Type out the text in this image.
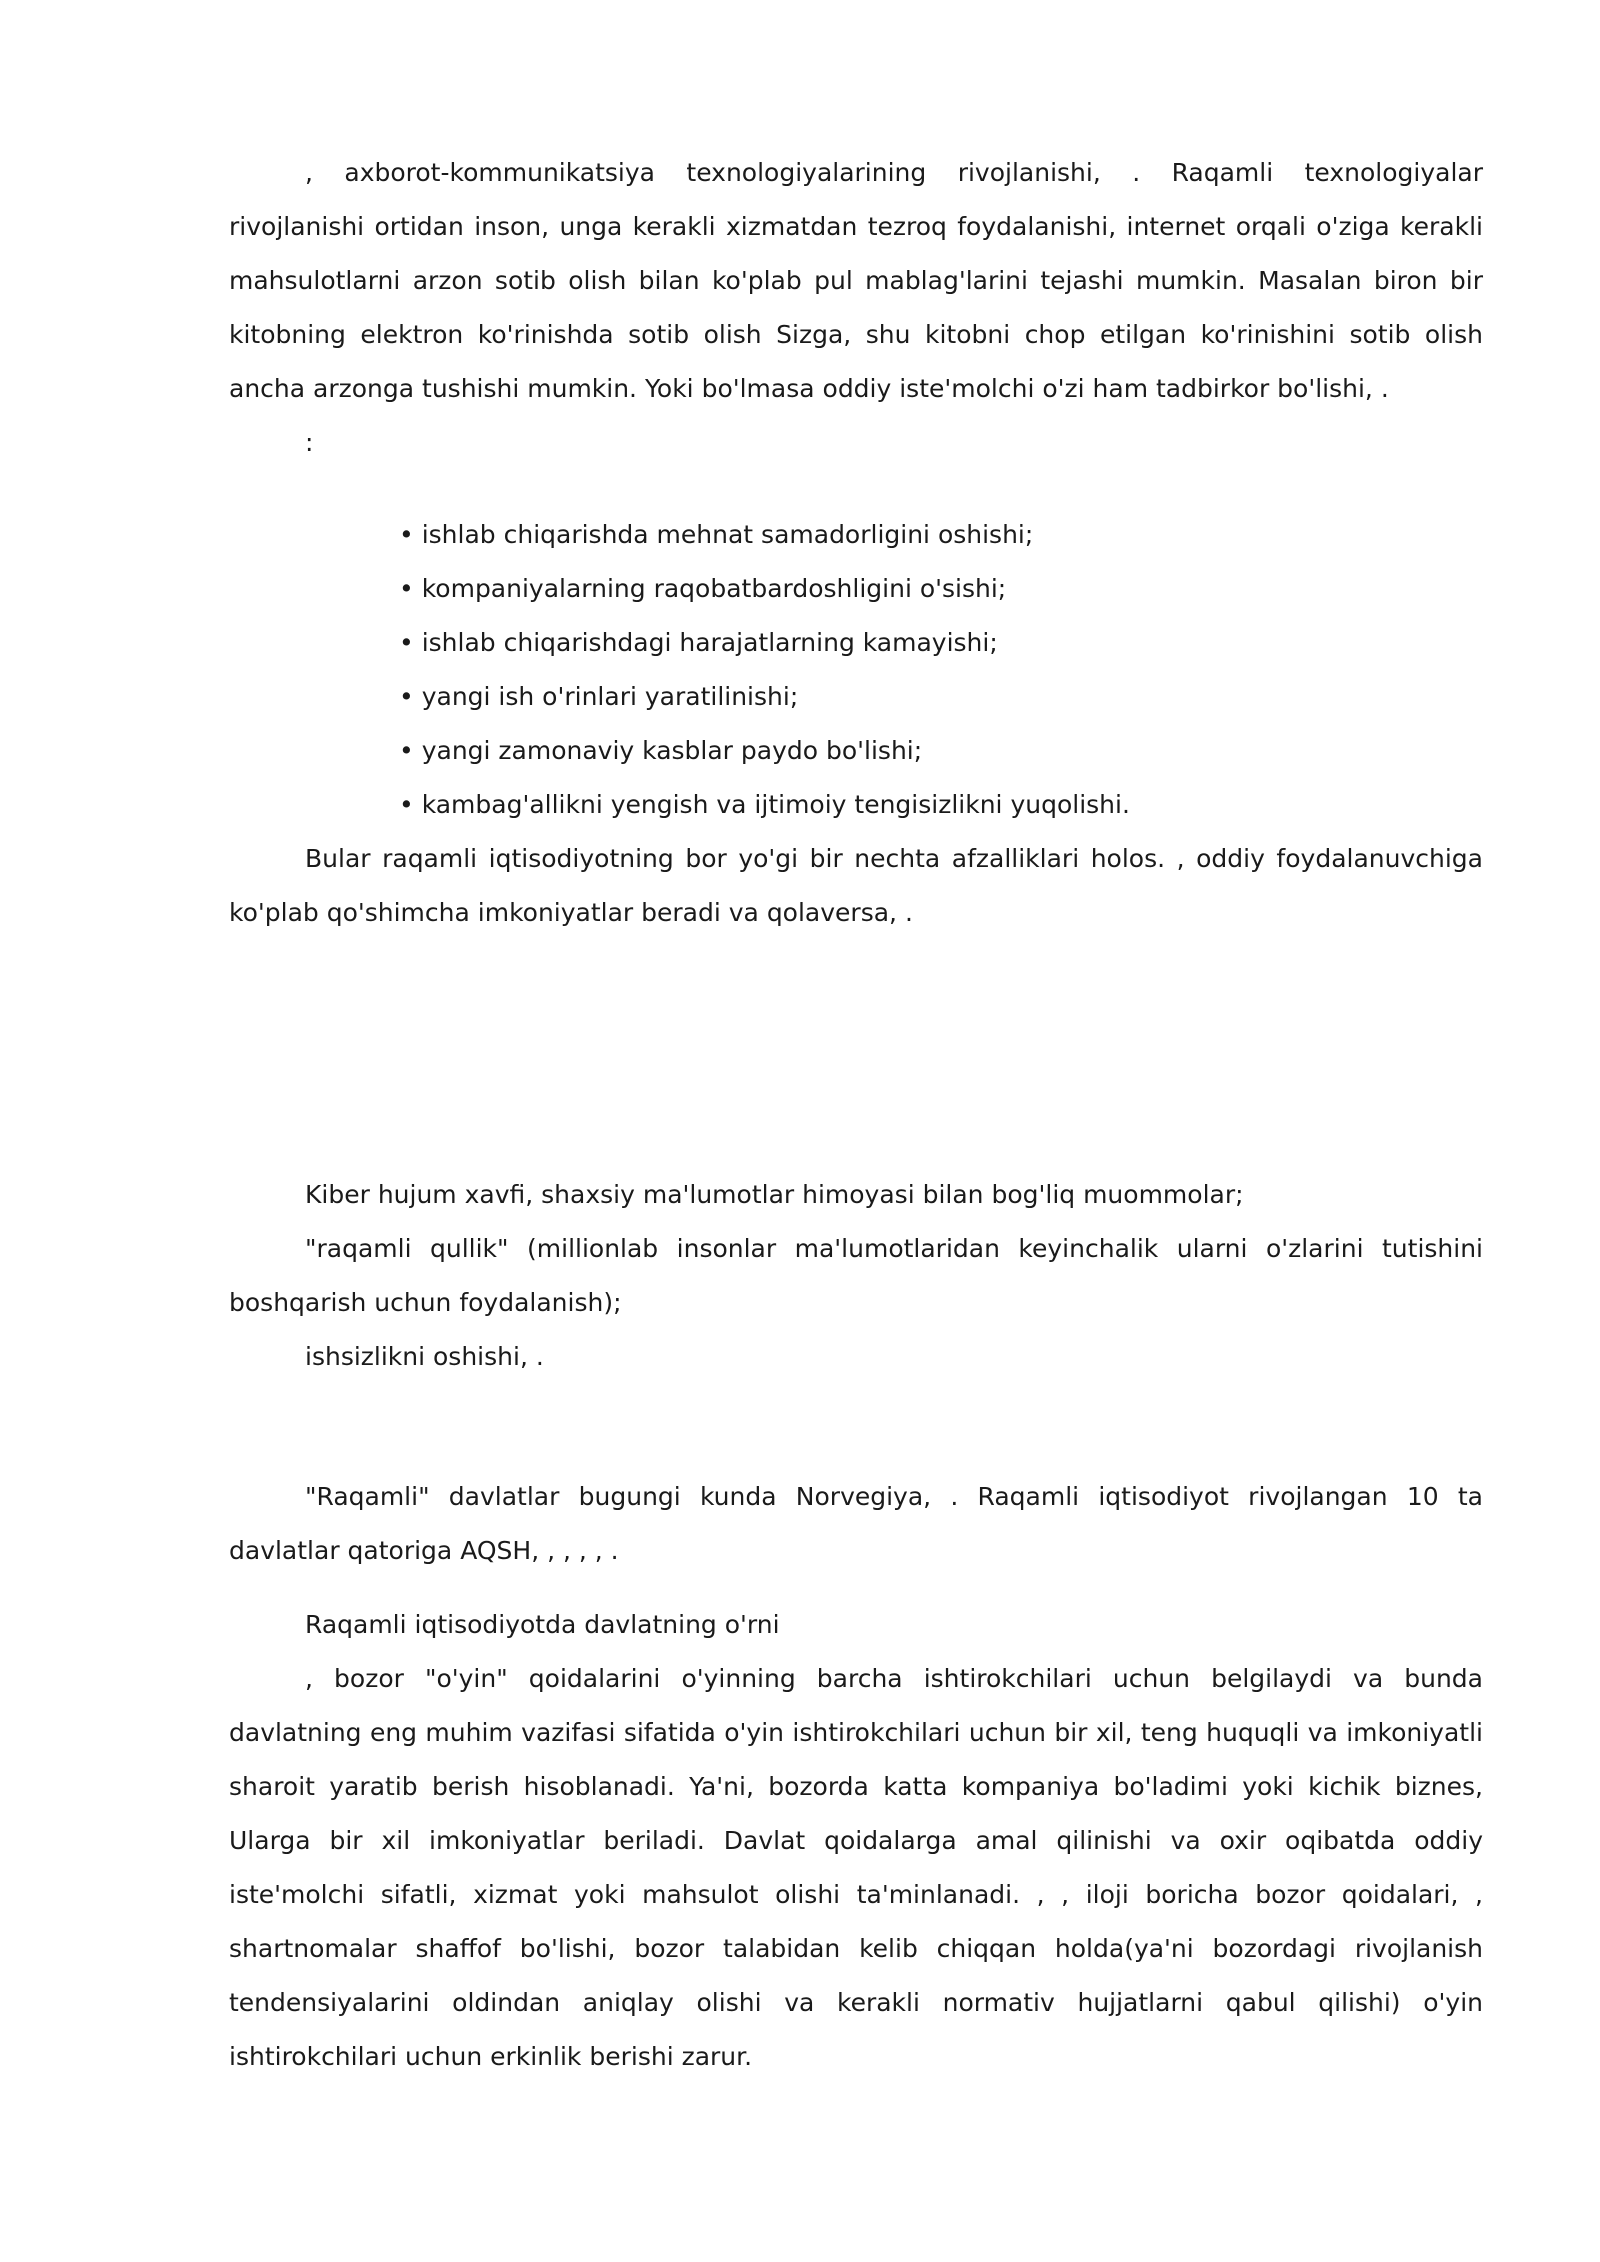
, axborot-kommunikatsiya texnologiyalarining rivojlanishi, . Raqamli texnologiyalar rivojlanishi ortidan inson, unga kerakli xizmatdan tezroq foydalanishi, internet orqali o'ziga kerakli mahsulotlarni arzon sotib olish bilan ko'plab pul mablag'larini tejashi mumkin. Masalan biron bir kitobning elektron ko'rinishda sotib olish Sizga, shu kitobni chop etilgan ko'rinishini sotib olish ancha arzonga tushishi mumkin. Yoki bo'lmasa oddiy iste'molchi o'zi ham tadbirkor bo'lishi, .

:

• ishlab chiqarishda mehnat samadorligini oshishi;
• kompaniyalarning raqobatbardoshligini o'sishi;
• ishlab chiqarishdagi harajatlarning kamayishi;
• yangi ish o'rinlari yaratilinishi;
• yangi zamonaviy kasblar paydo bo'lishi;
• kambag'allikni yengish va ijtimoiy tengisizlikni yuqolishi.

Bular raqamli iqtisodiyotning bor yo'gi bir nechta afzalliklari holos. , oddiy foydalanuvchiga ko'plab qo'shimcha imkoniyatlar beradi va qolaversa, .

Kiber hujum xavfi, shaxsiy ma'lumotlar himoyasi bilan bog'liq muommolar;

"raqamli qullik" (millionlab insonlar ma'lumotlaridan keyinchalik ularni o'zlarini tutishini boshqarish uchun foydalanish);

ishsizlikni oshishi, .

"Raqamli" davlatlar bugungi kunda Norvegiya, . Raqamli iqtisodiyot rivojlangan 10 ta davlatlar qatoriga AQSH, , , , , .

Raqamli iqtisodiyotda davlatning o'rni

, bozor "o'yin" qoidalarini o'yinning barcha ishtirokchilari uchun belgilaydi va bunda davlatning eng muhim vazifasi sifatida o'yin ishtirokchilari uchun bir xil, teng huquqli va imkoniyatli sharoit yaratib berish hisoblanadi. Ya'ni, bozorda katta kompaniya bo'ladimi yoki kichik biznes, Ularga bir xil imkoniyatlar beriladi. Davlat qoidalarga amal qilinishi va oxir oqibatda oddiy iste'molchi sifatli, xizmat yoki mahsulot olishi ta'minlanadi. , , iloji boricha bozor qoidalari, , shartnomalar shaffof bo'lishi, bozor talabidan kelib chiqqan holda(ya'ni bozordagi rivojlanish tendensiyalarini oldindan aniqlay olishi va kerakli normativ hujjatlarni qabul qilishi) o'yin ishtirokchilari uchun erkinlik berishi zarur.
